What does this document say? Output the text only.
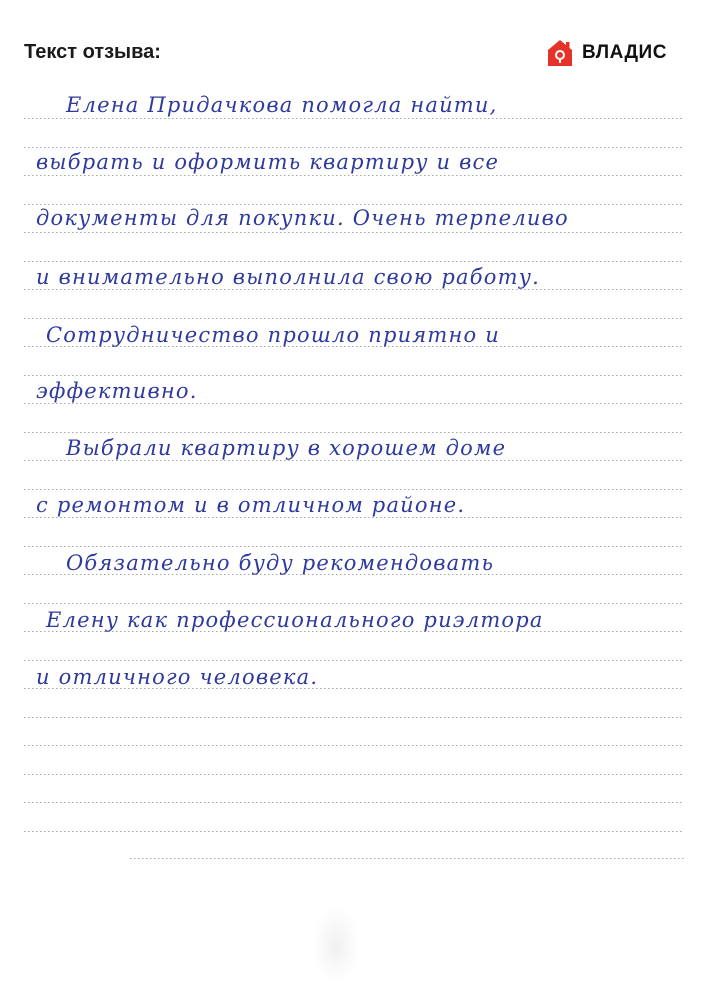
Текст отзыва:	ВЛАДИС
Елена Придачкова помогла найти,
выбрать и оформить квартиру и все
документы для покупки. Очень терпеливо
и внимательно выполнила свою работу.
Сотрудничество прошло приятно и
эффективно.
Выбрали квартиру в хорошем доме
с ремонтом и в отличном районе.
Обязательно буду рекомендовать
Елену как профессионального риэлтора
и отличного человека.
